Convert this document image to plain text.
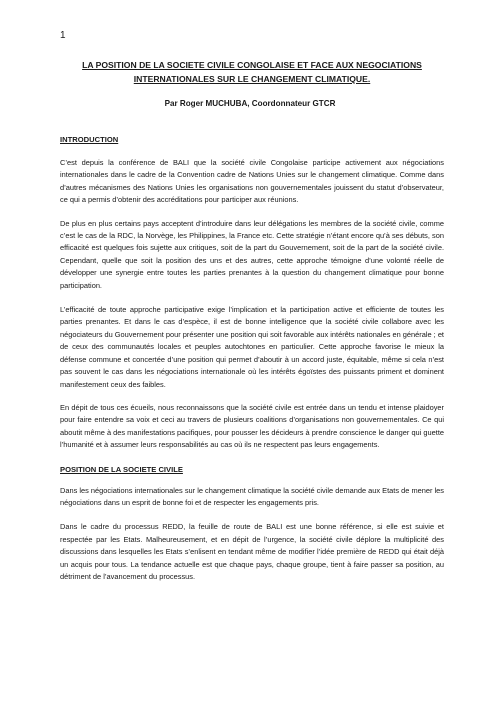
1
LA POSITION DE LA SOCIETE CIVILE CONGOLAISE ET FACE AUX NEGOCIATIONS INTERNATIONALES SUR LE CHANGEMENT CLIMATIQUE.
Par Roger MUCHUBA, Coordonnateur GTCR
INTRODUCTION

C’est depuis la conférence de BALI que la société civile Congolaise participe activement aux négociations internationales dans le cadre de la Convention cadre de Nations Unies sur le changement climatique. Comme dans d’autres mécanismes des Nations Unies les organisations non gouvernementales jouissent du statut d’observateur, ce qui a permis d’obtenir des accréditations pour participer aux réunions.

De plus en plus certains pays acceptent d’introduire dans leur délégations les membres de la société civile, comme c’est le cas de la RDC, la Norvège, les Philippines, la France etc. Cette stratégie n’étant encore qu’à ses débuts, son efficacité est quelques fois sujette aux critiques, soit de la part du Gouvernement, soit de la part de la société civile. Cependant, quelle que soit la position des uns et des autres, cette approche témoigne d’une volonté réelle de développer une synergie entre toutes les parties prenantes à la question du changement climatique pour bonne participation.

L’efficacité de toute approche participative exige l’implication et la participation active et efficiente de toutes les parties prenantes. Et dans le cas d’espèce, il est de bonne intelligence que la société civile collabore avec les négociateurs du Gouvernement pour présenter une position qui soit favorable aux intérêts nationales en générale ; et de ceux des communautés locales et peuples autochtones en particulier. Cette approche favorise le mieux la défense commune et concertée d’une position qui permet d’aboutir à un accord juste, équitable, même si cela n’est pas souvent le cas dans les négociations internationale où les intérêts égoïstes des puissants priment et dominent manifestement ceux des faibles.

En dépit de tous ces écueils, nous reconnaissons que la société civile est entrée dans un tendu et intense plaidoyer pour faire entendre sa voix et ceci au travers de plusieurs coalitions d’organisations non gouvernementales. Ce qui aboutit même à des manifestations pacifiques, pour pousser les décideurs à prendre conscience le danger qui guette l’humanité et à assumer leurs responsabilités au cas où ils ne respectent pas leurs engagements.

POSITION DE LA SOCIETE CIVILE

Dans les négociations internationales sur le changement climatique la société civile demande aux Etats de mener les négociations dans un esprit de bonne foi et de respecter les engagements pris.

Dans le cadre du processus REDD, la feuille de route de BALI est une bonne référence, si elle est suivie et respectée par les Etats. Malheureusement, et en dépit de l’urgence, la société civile déplore la multiplicité des discussions dans lesquelles les Etats s’enlisent en tendant même de modifier l’idée première de REDD qui était déjà un acquis pour tous. La tendance actuelle est que chaque pays, chaque groupe, tient à faire passer sa position, au détriment de l’avancement du processus.
